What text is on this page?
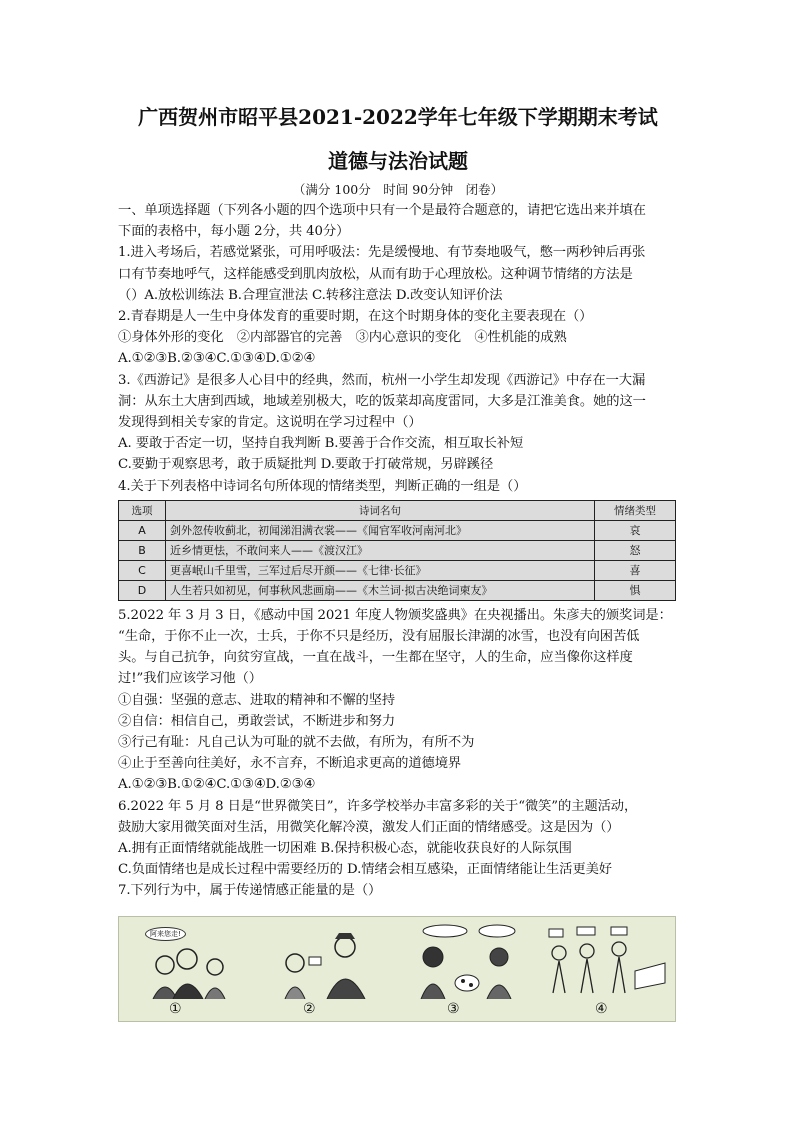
广西贺州市昭平县2021-2022学年七年级下学期期末考试
道德与法治试题
（满分 100分　时间 90分钟　闭卷）
一、单项选择题（下列各小题的四个选项中只有一个是最符合题意的，请把它选出来并填在
下面的表格中，每小题 2分，共 40分）
1.进入考场后，若感觉紧张，可用呼吸法：先是缓慢地、有节奏地吸气，憋一两秒钟后再张
口有节奏地呼气，这样能感受到肌肉放松，从而有助于心理放松。这种调节情绪的方法是
（）A.放松训练法 B.合理宣泄法 C.转移注意法 D.改变认知评价法
2.青春期是人一生中身体发育的重要时期，在这个时期身体的变化主要表现在（）
①身体外形的变化　②内部器官的完善　③内心意识的变化　④性机能的成熟
A.①②③B.②③④C.①③④D.①②④
3.《西游记》是很多人心目中的经典，然而，杭州一小学生却发现《西游记》中存在一大漏
洞：从东土大唐到西域，地域差别极大，吃的饭菜却高度雷同，大多是江淮美食。她的这一
发现得到相关专家的肯定。这说明在学习过程中（）
A. 要敢于否定一切，坚持自我判断 B.要善于合作交流，相互取长补短
C.要勤于观察思考，敢于质疑批判 D.要敢于打破常规，另辟蹊径
4.关于下列表格中诗词名句所体现的情绪类型，判断正确的一组是（）
选项	诗词名句	情绪类型
A	剑外忽传收蓟北，初闻涕泪满衣裳——《闻官军收河南河北》	哀
B	近乡情更怯，不敢问来人——《渡汉江》	怒
C	更喜岷山千里雪，三军过后尽开颜——《七律·长征》	喜
D	人生若只如初见，何事秋风悲画扇——《木兰词·拟古决绝词柬友》	惧
5.2022 年 3 月 3 日，《感动中国 2021 年度人物颁奖盛典》在央视播出。朱彦夫的颁奖词是：
“生命，于你不止一次，士兵，于你不只是经历，没有屈服长津湖的冰雪，也没有向困苦低
头。与自己抗争，向贫穷宣战，一直在战斗，一生都在坚守，人的生命，应当像你这样度
过!”我们应该学习他（）
①自强：坚强的意志、进取的精神和不懈的坚持
②自信：相信自己，勇敢尝试，不断进步和努力
③行己有耻：凡自己认为可耻的就不去做，有所为，有所不为
④止于至善向往美好，永不言弃，不断追求更高的道德境界
A.①②③B.①②④C.①③④D.②③④
6.2022 年 5 月 8 日是“世界微笑日”，许多学校举办丰富多彩的关于“微笑”的主题活动，
鼓励大家用微笑面对生活，用微笑化解冷漠，激发人们正面的情绪感受。这是因为（）
A.拥有正面情绪就能战胜一切困难 B.保持积极心态，就能收获良好的人际氛围
C.负面情绪也是成长过程中需要经历的 D.情绪会相互感染，正面情绪能让生活更美好
7.下列行为中，属于传递情感正能量的是（）
阿来您走!
①	②	③	④
